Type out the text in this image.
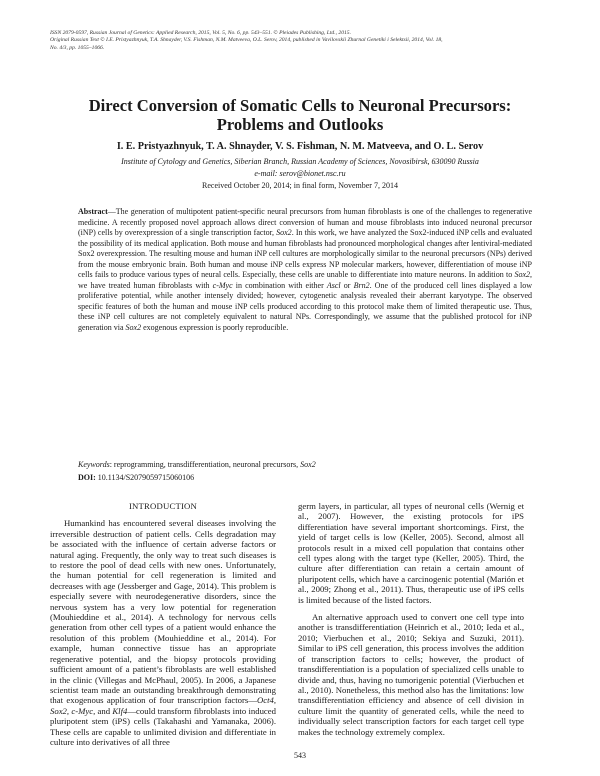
ISSN 2079-0597, Russian Journal of Genetics: Applied Research, 2015, Vol. 5, No. 6, pp. 543–551. © Pleiades Publishing, Ltd., 2015.
Original Russian Text © I.E. Pristyazhnyuk, T.A. Shnayder, V.S. Fishman, N.M. Matveeva, O.L. Serov, 2014, published in Vavilovskii Zhurnal Genetiki i Selektsii, 2014, Vol. 18,
No. 4/3, pp. 1055–1066.
Direct Conversion of Somatic Cells to Neuronal Precursors:
Problems and Outlooks
I. E. Pristyazhnyuk, T. A. Shnayder, V. S. Fishman, N. M. Matveeva, and O. L. Serov
Institute of Cytology and Genetics, Siberian Branch, Russian Academy of Sciences, Novosibirsk, 630090 Russia
e-mail: serov@bionet.nsc.ru
Received October 20, 2014; in final form, November 7, 2014
Abstract—The generation of multipotent patient-specific neural precursors from human fibroblasts is one of the challenges to regenerative medicine. A recently proposed novel approach allows direct conversion of human and mouse fibroblasts into induced neuronal precursor (iNP) cells by overexpression of a single transcription factor, Sox2. In this work, we have analyzed the Sox2-induced iNP cells and evaluated the possibility of its medical application. Both mouse and human fibroblasts had pronounced morphological changes after lentiviral-mediated Sox2 overexpression. The resulting mouse and human iNP cell cultures are morphologically similar to the neuronal precursors (NPs) derived from the mouse embryonic brain. Both human and mouse iNP cells express NP molecular markers, however, differentiation of mouse iNP cells fails to produce various types of neural cells. Especially, these cells are unable to differentiate into mature neurons. In addition to Sox2, we have treated human fibroblasts with c-Myc in combination with either Ascl or Brn2. One of the produced cell lines displayed a low proliferative potential, while another intensely divided; however, cytogenetic analysis revealed their aberrant karyotype. The observed specific features of both the human and mouse iNP cells produced according to this protocol make them of limited therapeutic use. Thus, these iNP cell cultures are not completely equivalent to natural NPs. Correspondingly, we assume that the published protocol for iNP generation via Sox2 exogenous expression is poorly reproducible.
Keywords: reprogramming, transdifferentiation, neuronal precursors, Sox2
DOI: 10.1134/S2079059715060106
INTRODUCTION

Humankind has encountered several diseases involving the irreversible destruction of patient cells. Cells degradation may be associated with the influence of certain adverse factors or natural aging. Frequently, the only way to treat such diseases is to restore the pool of dead cells with new ones. Unfortunately, the human potential for cell regeneration is limited and decreases with age (Jessberger and Gage, 2014). This problem is especially severe with neurodegenerative disorders, since the nervous system has a very low potential for regeneration (Mouhieddine et al., 2014). A technology for nervous cells generation from other cell types of a patient would enhance the resolution of this problem (Mouhieddine et al., 2014). For example, human connective tissue has an appropriate regenerative potential, and the biopsy protocols providing sufficient amount of a patient’s fibroblasts are well established in the clinic (Villegas and McPhaul, 2005). In 2006, a Japanese scientist team made an outstanding breakthrough demonstrating that exogenous application of four transcription factors—Oct4, Sox2, c-Myc, and Klf4—could transform fibroblasts into induced pluripotent stem (iPS) cells (Takahashi and Yamanaka, 2006). These cells are capable to unlimited division and differentiate in culture into derivatives of all three

germ layers, in particular, all types of neuronal cells (Wernig et al., 2007). However, the existing protocols for iPS differentiation have several important shortcomings. First, the yield of target cells is low (Keller, 2005). Second, almost all protocols result in a mixed cell population that contains other cell types along with the target type (Keller, 2005). Third, the culture after differentiation can retain a certain amount of pluripotent cells, which have a carcinogenic potential (Marión et al., 2009; Zhong et al., 2011). Thus, therapeutic use of iPS cells is limited because of the listed factors.

An alternative approach used to convert one cell type into another is transdifferentiation (Heinrich et al., 2010; Ieda et al., 2010; Vierbuchen et al., 2010; Sekiya and Suzuki, 2011). Similar to iPS cell generation, this process involves the addition of transcription factors to cells; however, the product of transdifferentiation is a population of specialized cells unable to divide and, thus, having no tumorigenic potential (Vierbuchen et al., 2010). Nonetheless, this method also has the limitations: low transdifferentiation efficiency and absence of cell division in culture limit the quantity of generated cells, while the need to individually select transcription factors for each target cell type makes the technology extremely complex.

543
